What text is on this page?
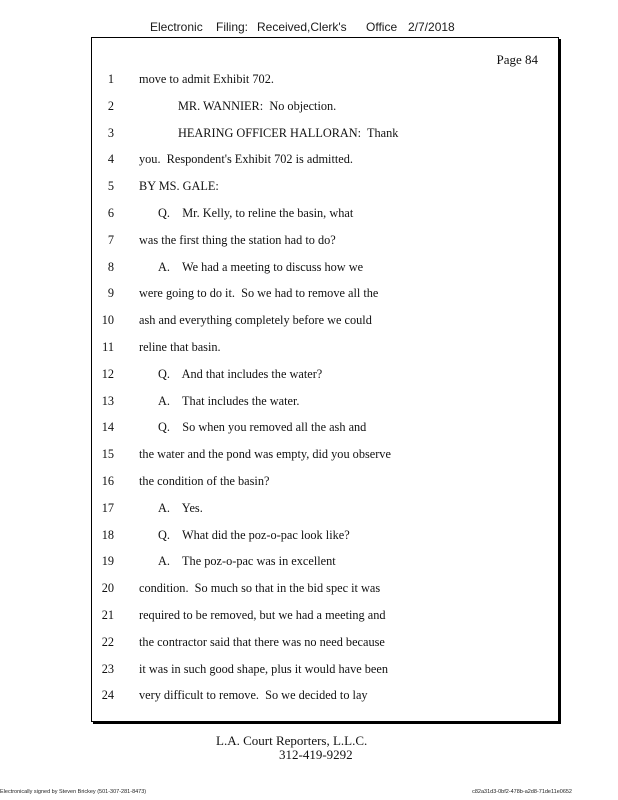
Electronic Filing: Received,Clerk's Office 2/7/2018
Page 84
1 move to admit Exhibit 702.
2	MR. WANNIER:  No objection.
3	HEARING OFFICER HALLORAN:  Thank
4 you.  Respondent's Exhibit 702 is admitted.
5 BY MS. GALE:
6	Q.    Mr. Kelly, to reline the basin, what
7 was the first thing the station had to do?
8	A.    We had a meeting to discuss how we
9 were going to do it.  So we had to remove all the
10 ash and everything completely before we could
11 reline that basin.
12	Q.    And that includes the water?
13	A.    That includes the water.
14	Q.    So when you removed all the ash and
15 the water and the pond was empty, did you observe
16 the condition of the basin?
17	A.    Yes.
18	Q.    What did the poz-o-pac look like?
19	A.    The poz-o-pac was in excellent
20 condition.  So much so that in the bid spec it was
21 required to be removed, but we had a meeting and
22 the contractor said that there was no need because
23 it was in such good shape, plus it would have been
24 very difficult to remove.  So we decided to lay
L.A. Court Reporters, L.L.C.
312-419-9292
Electronically signed by Steven Brickey (501-307-281-8473)	c82a31d3-0bf2-478b-a2d8-71de11e0652
